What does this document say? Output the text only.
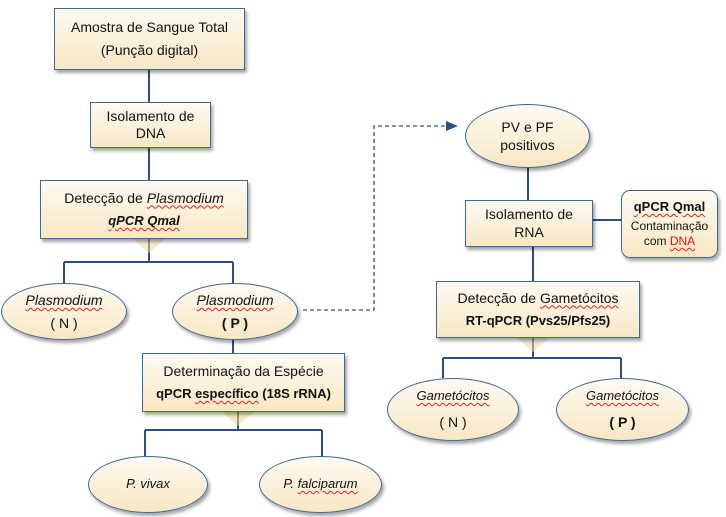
Amostra de Sangue Total
(Punção digital)
Isolamento de
DNA
Detecção de Plasmodium
qPCR Qmal
Plasmodium
( N )
Plasmodium
( P )
Determinação da Espécie
qPCR específico (18S rRNA)
P. vivax	P. falciparum
PV e PF
positivos
Isolamento de
RNA
qPCR Qmal
Contaminação
com DNA
Detecção de Gametócitos
RT-qPCR (Pvs25/Pfs25)
Gametócitos
( N )
Gametócitos
( P )
